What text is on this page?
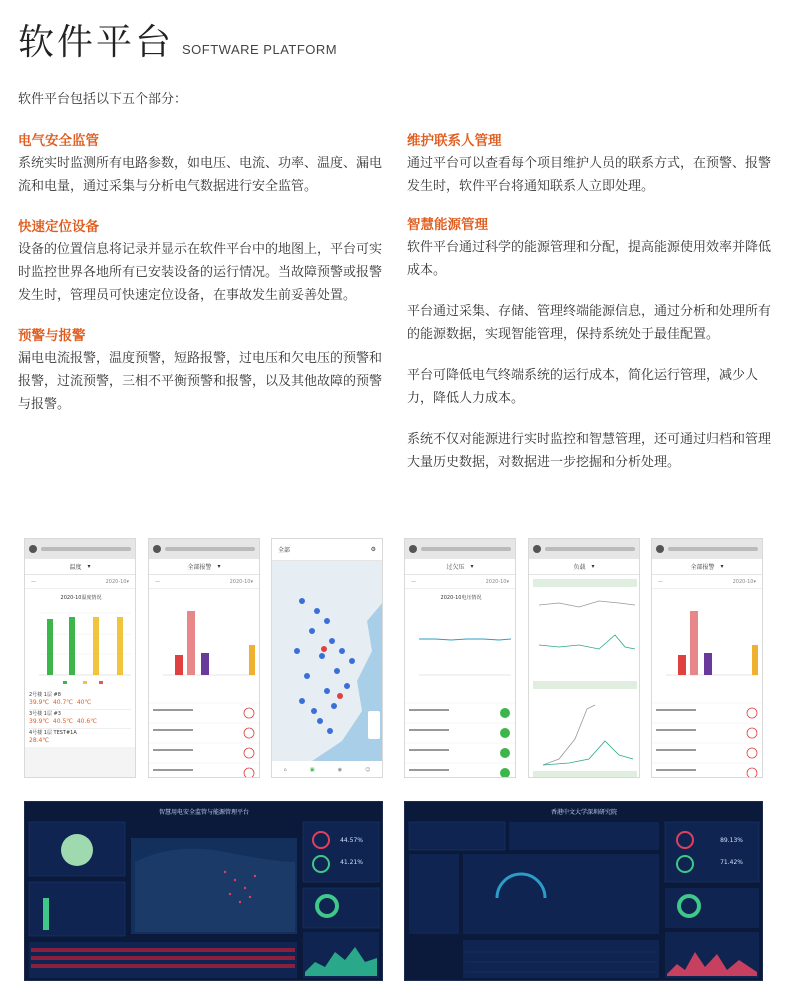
软件平台 SOFTWARE PLATFORM
软件平台包括以下五个部分：
电气安全监管
系统实时监测所有电路参数，如电压、电流、功率、温度、漏电流和电量，通过采集与分析电气数据进行安全监管。
快速定位设备
设备的位置信息将记录并显示在软件平台中的地图上，平台可实时监控世界各地所有已安装设备的运行情况。当故障预警或报警发生时，管理员可快速定位设备，在事故发生前妥善处置。
预警与报警
漏电电流报警，温度预警，短路报警，过电压和欠电压的预警和报警，过流预警，三相不平衡预警和报警，以及其他故障的预警与报警。
维护联系人管理
通过平台可以查看每个项目维护人员的联系方式，在预警、报警发生时，软件平台将通知联系人立即处理。
智慧能源管理
软件平台通过科学的能源管理和分配，提高能源使用效率并降低成本。
平台通过采集、存储、管理终端能源信息，通过分析和处理所有的能源数据，实现智能管理，保持系统处于最佳配置。
平台可降低电气终端系统的运行成本，简化运行管理，减少人力，降低人力成本。
系统不仅对能源进行实时监控和智慧管理，还可通过归档和管理大量历史数据，对数据进一步挖掘和分析处理。
温度 ▾
—	2020-10▾
2020-10温度情况
2号楼 1层 #8
39.9℃  40.7℃  40℃
3号楼 1层 #3
39.9℃  40.5℃  40.6℃
4号楼 1层 TEST#1A
28.4℃
全部报警 ▾
—	2020-10▾
全部	⚙
⌂	▣	◉	☺
过欠压 ▾
—	2020-10▾
2020-10电压情况
负载 ▾	全部报警 ▾
—	2020-10▾
智慧用电安全监管与能源管理平台
44.57%
41.21%
香港中文大学深圳研究院
89.13%
71.42%
